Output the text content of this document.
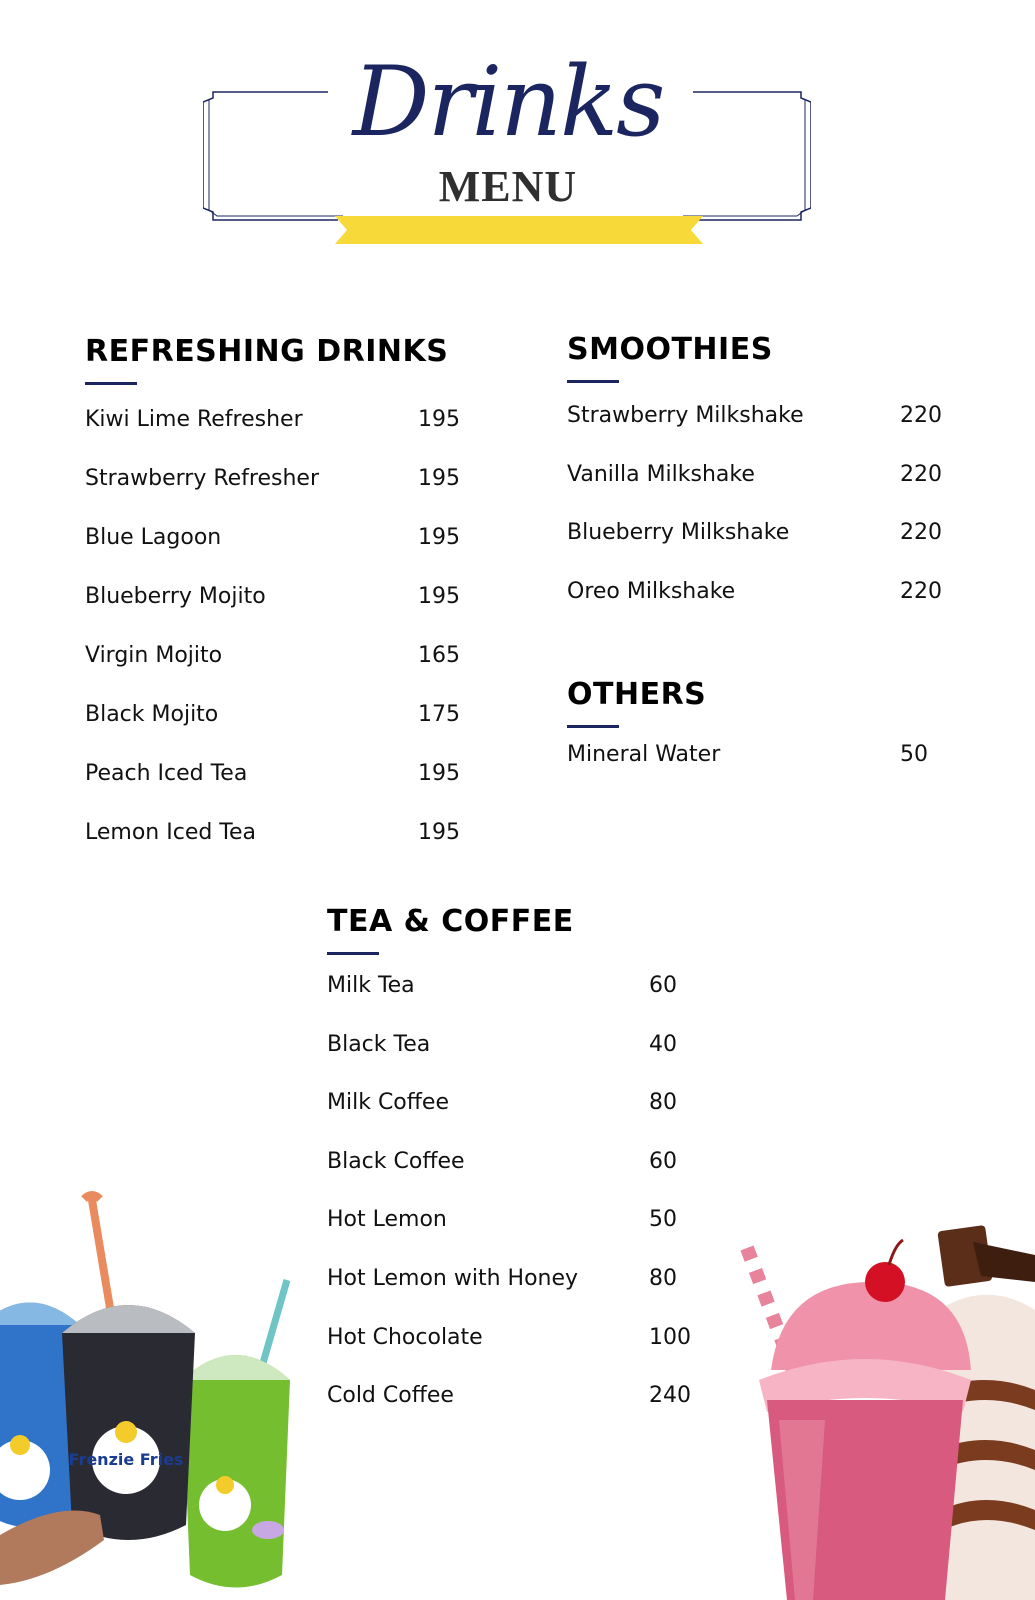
Drinks
MENU
REFRESHING DRINKS
Kiwi Lime Refresher	195
Strawberry Refresher	195
Blue Lagoon	195
Blueberry Mojito	195
Virgin Mojito	165
Black Mojito	175
Peach Iced Tea	195
Lemon Iced Tea	195
SMOOTHIES
Strawberry Milkshake	220
Vanilla Milkshake	220
Blueberry Milkshake	220
Oreo Milkshake	220
OTHERS
Mineral Water	50
TEA & COFFEE
Milk Tea	60
Black Tea	40
Milk Coffee	80
Black Coffee	60
Hot Lemon	50
Hot Lemon with Honey	80
Hot Chocolate	100
Cold Coffee	240
Frenzie Fries
